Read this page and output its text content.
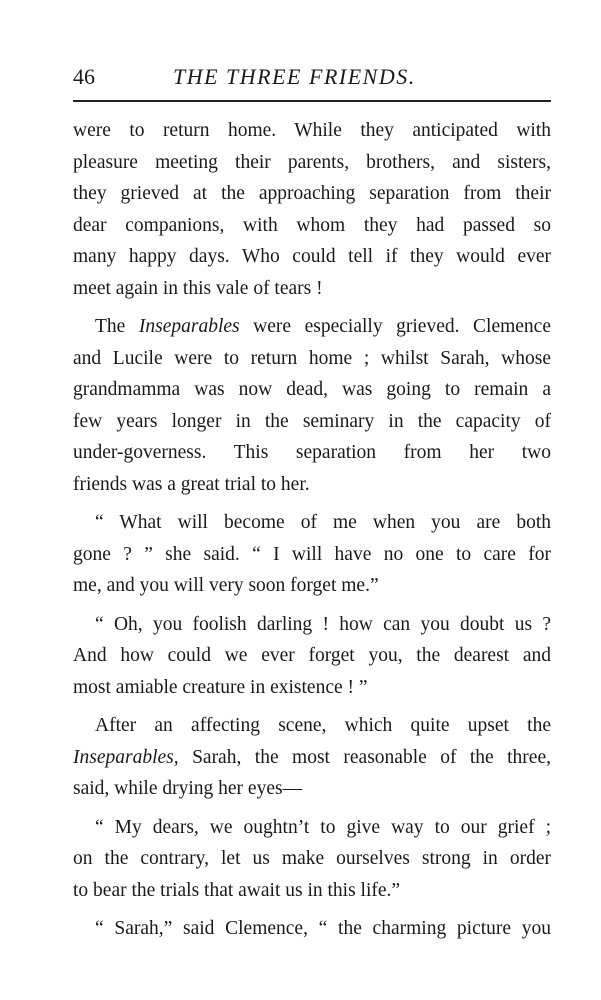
46	THE THREE FRIENDS.
were to return home. While they anticipated with
pleasure meeting their parents, brothers, and sisters,
they grieved at the approaching separation from their
dear companions, with whom they had passed so
many happy days. Who could tell if they would ever
meet again in this vale of tears !
The Inseparables were especially grieved. Clemence
and Lucile were to return home ; whilst Sarah, whose
grandmamma was now dead, was going to remain a
few years longer in the seminary in the capacity of
under-governess. This separation from her two
friends was a great trial to her.
“ What will become of me when you are both
gone ? ” she said. “ I will have no one to care for
me, and you will very soon forget me.”
“ Oh, you foolish darling ! how can you doubt us ?
And how could we ever forget you, the dearest and
most amiable creature in existence ! ”
After an affecting scene, which quite upset the
Inseparables, Sarah, the most reasonable of the three,
said, while drying her eyes—
“ My dears, we oughtn’t to give way to our grief ;
on the contrary, let us make ourselves strong in order
to bear the trials that await us in this life.”
“ Sarah,” said Clemence, “ the charming picture you
